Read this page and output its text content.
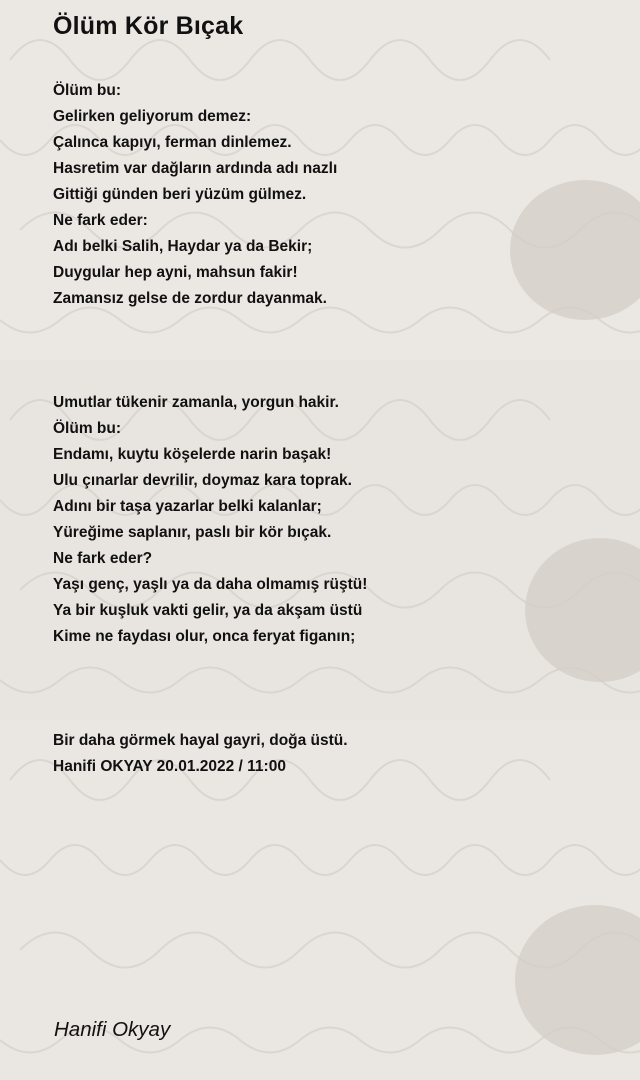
Ölüm Kör Bıçak
Ölüm bu:
Gelirken geliyorum demez:
Çalınca kapıyı, ferman dinlemez.
Hasretim var dağların ardında adı nazlı
Gittiği günden beri yüzüm gülmez.
Ne fark eder:
Adı belki Salih, Haydar ya da Bekir;
Duygular hep ayni, mahsun fakir!
Zamansız gelse de zordur dayanmak.
Umutlar tükenir zamanla, yorgun hakir.
Ölüm bu:
Endamı, kuytu köşelerde narin başak!
Ulu çınarlar devrilir, doymaz kara toprak.
Adını bir taşa yazarlar belki kalanlar;
Yüreğime saplanır, paslı bir kör bıçak.
Ne fark eder?
Yaşı genç, yaşlı ya da daha olmamış rüştü!
Ya bir kuşluk vakti gelir, ya da akşam üstü
Kime ne faydası olur, onca feryat figanın;
Bir daha görmek hayal gayri, doğa üstü.
Hanifi OKYAY 20.01.2022 / 11:00
Hanifi Okyay
